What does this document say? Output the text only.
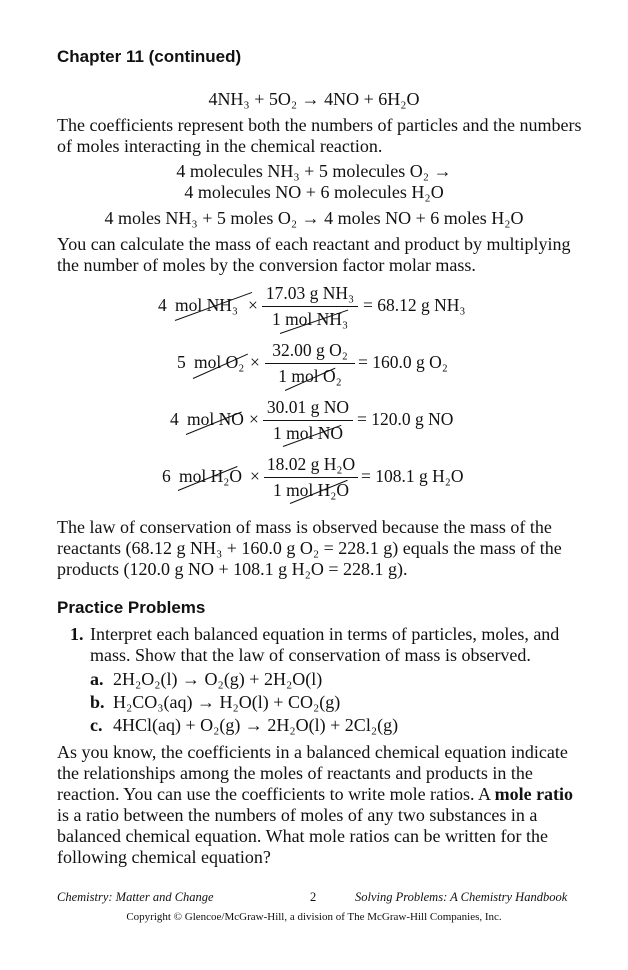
Chapter 11 (continued)
4NH₃ + 5O₂ → 4NO + 6H₂O
The coefficients represent both the numbers of particles and the numbers
of moles interacting in the chemical reaction.
4 molecules NH₃ + 5 molecules O₂ →
4 molecules NO + 6 molecules H₂O
4 moles NH₃ + 5 moles O₂ → 4 moles NO + 6 moles H₂O
You can calculate the mass of each reactant and product by multiplying
the number of moles by the conversion factor molar mass.
4 mol NH₃ ×
17.03 g NH₃
1 mol NH₃
= 68.12 g NH₃
5 mol O₂ ×
32.00 g O₂
1 mol O₂
= 160.0 g O₂
4 mol NO ×
30.01 g NO
1 mol NO
= 120.0 g NO
6 mol H₂O ×
18.02 g H₂O
1 mol H₂O
= 108.1 g H₂O
The law of conservation of mass is observed because the mass of the
reactants (68.12 g NH₃ + 160.0 g O₂ = 228.1 g) equals the mass of the
products (120.0 g NO + 108.1 g H₂O = 228.1 g).
Practice Problems
1. Interpret each balanced equation in terms of particles, moles, and
mass. Show that the law of conservation of mass is observed.
a. 2H₂O₂(l) → O₂(g) + 2H₂O(l)
b. H₂CO₃(aq) → H₂O(l) + CO₂(g)
c. 4HCl(aq) + O₂(g) → 2H₂O(l) + 2Cl₂(g)
As you know, the coefficients in a balanced chemical equation indicate
the relationships among the moles of reactants and products in the
reaction. You can use the coefficients to write mole ratios. A mole ratio
is a ratio between the numbers of moles of any two substances in a
balanced chemical equation. What mole ratios can be written for the
following chemical equation?
Chemistry: Matter and Change	2	Solving Problems: A Chemistry Handbook
Copyright © Glencoe/McGraw-Hill, a division of The McGraw-Hill Companies, Inc.
